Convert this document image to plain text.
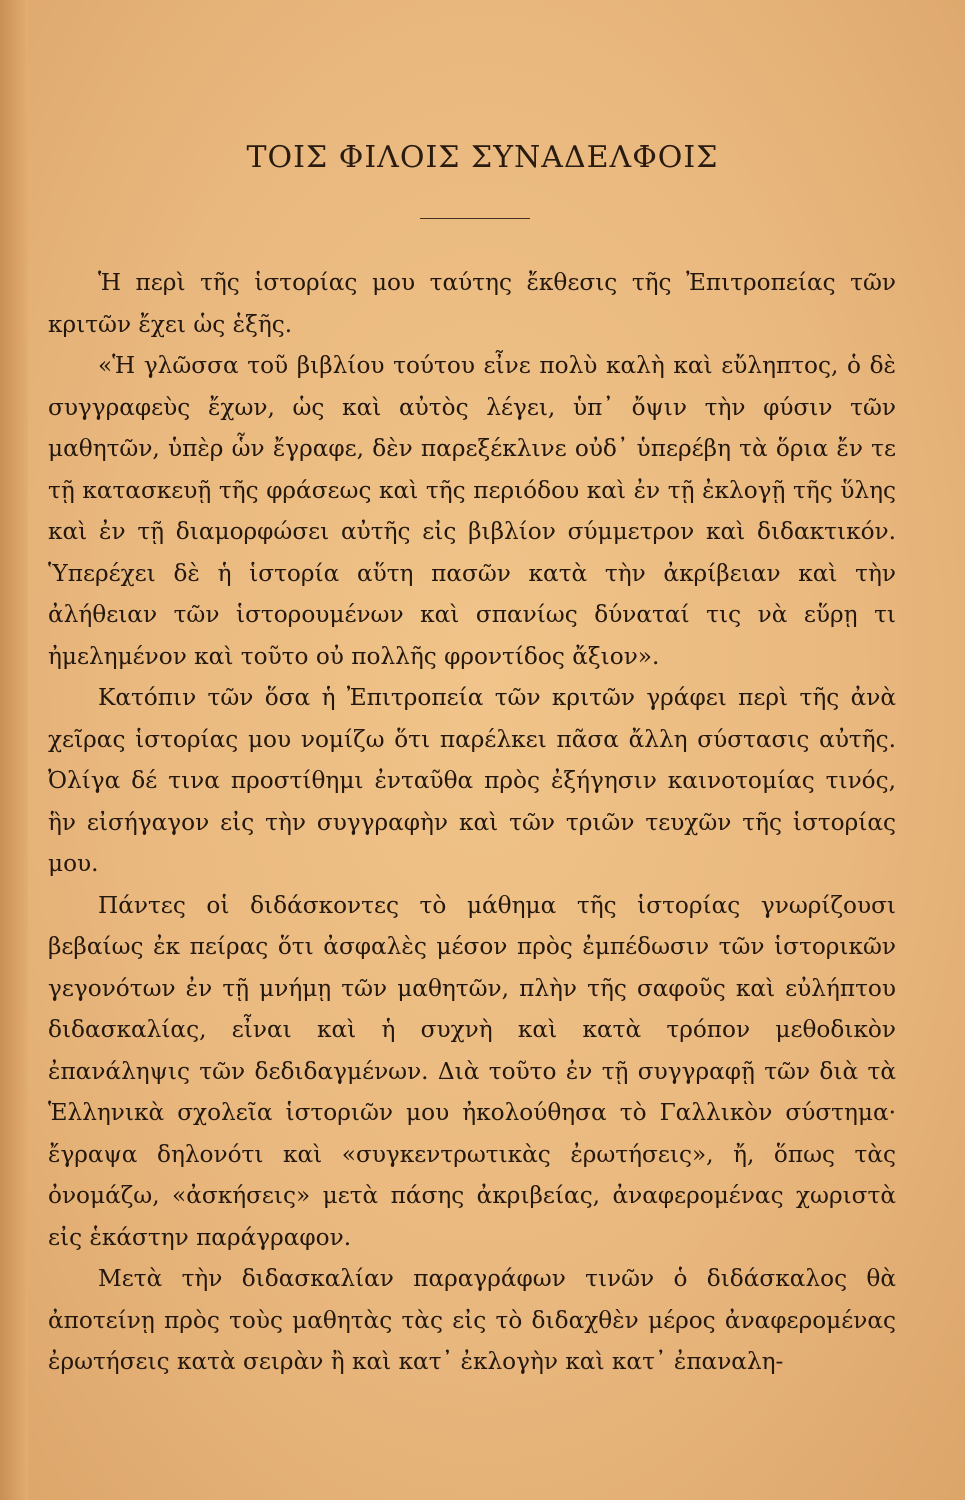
ΤΟΙΣ ΦΙΛΟΙΣ ΣΥΝΑΔΕΛΦΟΙΣ

Ἡ περὶ τῆς ἱστορίας μου ταύτης ἔκθεσις τῆς Ἐπιτροπείας τῶν κριτῶν ἔχει ὡς ἑξῆς.

«Ἡ γλῶσσα τοῦ βιβλίου τούτου εἶνε πολὺ καλὴ καὶ εὔληπτος, ὁ δὲ συγγραφεὺς ἔχων, ὡς καὶ αὐτὸς λέγει, ὑπ᾿ ὄψιν τὴν φύσιν τῶν μαθητῶν, ὑπὲρ ὧν ἔγραφε, δὲν παρεξέκλινε οὐδ᾿ ὑπερέβη τὰ ὅρια ἔν τε τῇ κατασκευῇ τῆς φράσεως καὶ τῆς περιόδου καὶ ἐν τῇ ἐκλογῇ τῆς ὕλης καὶ ἐν τῇ διαμορφώσει αὐτῆς εἰς βιβλίον σύμμετρον καὶ διδακτικόν. Ὑπερέχει δὲ ἡ ἱστορία αὕτη πασῶν κατὰ τὴν ἀκρίβειαν καὶ τὴν ἀλήθειαν τῶν ἱστορουμένων καὶ σπανίως δύναταί τις νὰ εὕρῃ τι ἠμελημένον καὶ τοῦτο οὐ πολλῆς φροντίδος ἄξιον».

Κατόπιν τῶν ὅσα ἡ Ἐπιτροπεία τῶν κριτῶν γράφει περὶ τῆς ἀνὰ χεῖρας ἱστορίας μου νομίζω ὅτι παρέλκει πᾶσα ἄλλη σύστασις αὐτῆς. Ὀλίγα δέ τινα προστίθημι ἐνταῦθα πρὸς ἐξήγησιν καινοτομίας τινός, ἣν εἰσήγαγον εἰς τὴν συγγραφὴν καὶ τῶν τριῶν τευχῶν τῆς ἱστορίας μου.

Πάντες οἱ διδάσκοντες τὸ μάθημα τῆς ἱστορίας γνωρίζουσι βεβαίως ἐκ πείρας ὅτι ἀσφαλὲς μέσον πρὸς ἐμπέδωσιν τῶν ἱστορικῶν γεγονότων ἐν τῇ μνήμῃ τῶν μαθητῶν, πλὴν τῆς σαφοῦς καὶ εὐλήπτου διδασκαλίας, εἶναι καὶ ἡ συχνὴ καὶ κατὰ τρόπον μεθοδικὸν ἐπανάληψις τῶν δεδιδαγμένων. Διὰ τοῦτο ἐν τῇ συγγραφῇ τῶν διὰ τὰ Ἑλληνικὰ σχολεῖα ἱστοριῶν μου ἠκολούθησα τὸ Γαλλικὸν σύστημα· ἔγραψα δηλονότι καὶ «συγκεντρωτικὰς ἐρωτήσεις», ἤ, ὅπως τὰς ὀνομάζω, «ἀσκήσεις» μετὰ πάσης ἀκριβείας, ἀναφερομένας χωριστὰ εἰς ἑκάστην παράγραφον.

Μετὰ τὴν διδασκαλίαν παραγράφων τινῶν ὁ διδάσκαλος θὰ ἀποτείνῃ πρὸς τοὺς μαθητὰς τὰς εἰς τὸ διδαχθὲν μέρος ἀναφερομένας ἐρωτήσεις κατὰ σειρὰν ἢ καὶ κατ᾿ ἐκλογὴν καὶ κατ᾿ ἐπαναλη-
